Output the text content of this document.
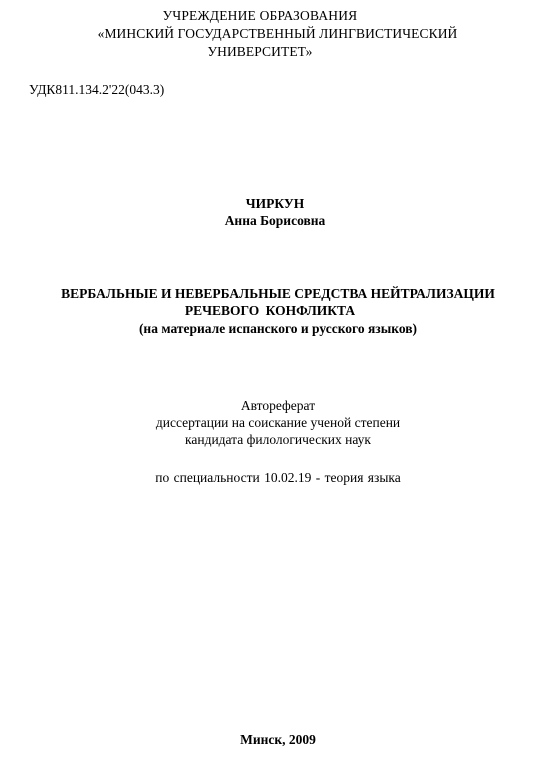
УЧРЕЖДЕНИЕ ОБРАЗОВАНИЯ
«МИНСКИЙ ГОСУДАРСТВЕННЫЙ ЛИНГВИСТИЧЕСКИЙ
УНИВЕРСИТЕТ»
УДК811.134.2'22(043.3)
ЧИРКУН
Анна Борисовна
ВЕРБАЛЬНЫЕ И НЕВЕРБАЛЬНЫЕ СРЕДСТВА НЕЙТРАЛИЗАЦИИ
РЕЧЕВОГО КОНФЛИКТА
(на материале испанского и русского языков)
Автореферат
диссертации на соискание ученой степени
кандидата филологических наук
по специальности 10.02.19 - теория языка
Минск, 2009
